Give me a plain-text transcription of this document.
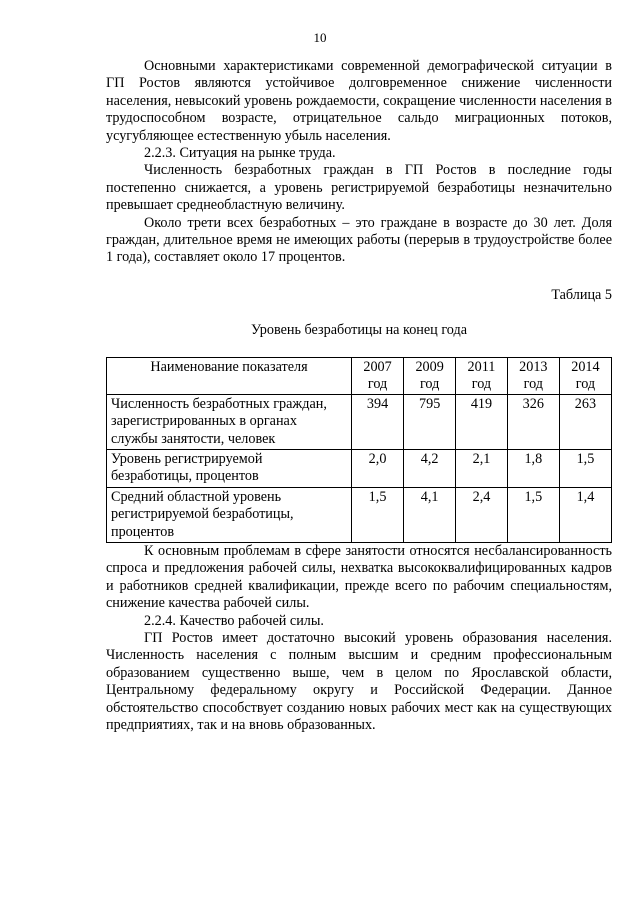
10

Основными характеристиками современной демографической ситуации в ГП Ростов являются устойчивое долговременное снижение численности населения, невысокий уровень рождаемости, сокращение численности населения в трудоспособном возрасте, отрицательное сальдо миграционных потоков, усугубляющее естественную убыль населения.

2.2.3. Ситуация на рынке труда.

Численность безработных граждан в ГП Ростов в последние годы постепенно снижается, а уровень регистрируемой безработицы незначительно превышает среднеобластную величину.

Около трети всех безработных – это граждане в возрасте до 30 лет. Доля граждан, длительное время не имеющих работы (перерыв в трудоустройстве более 1 года), составляет около 17 процентов.

Таблица 5
Уровень безработицы на конец года
Наименование показателя	2007 год	2009 год	2011 год	2013 год	2014 год
Численность безработных граждан, зарегистрированных в органах службы занятости, человек	394	795	419	326	263
Уровень регистрируемой безработицы, процентов	2,0	4,2	2,1	1,8	1,5
Средний областной уровень регистрируемой безработицы, процентов	1,5	4,1	2,4	1,5	1,4

К основным проблемам в сфере занятости относятся несбалансированность спроса и предложения рабочей силы, нехватка высококвалифицированных кадров и работников средней квалификации, прежде всего по рабочим специальностям, снижение качества рабочей силы.

2.2.4. Качество рабочей силы.

ГП Ростов имеет достаточно высокий уровень образования населения. Численность населения с полным высшим и средним профессиональным образованием существенно выше, чем в целом по Ярославской области, Центральному федеральному округу и Российской Федерации. Данное обстоятельство способствует созданию новых рабочих мест как на существующих предприятиях, так и на вновь образованных.
